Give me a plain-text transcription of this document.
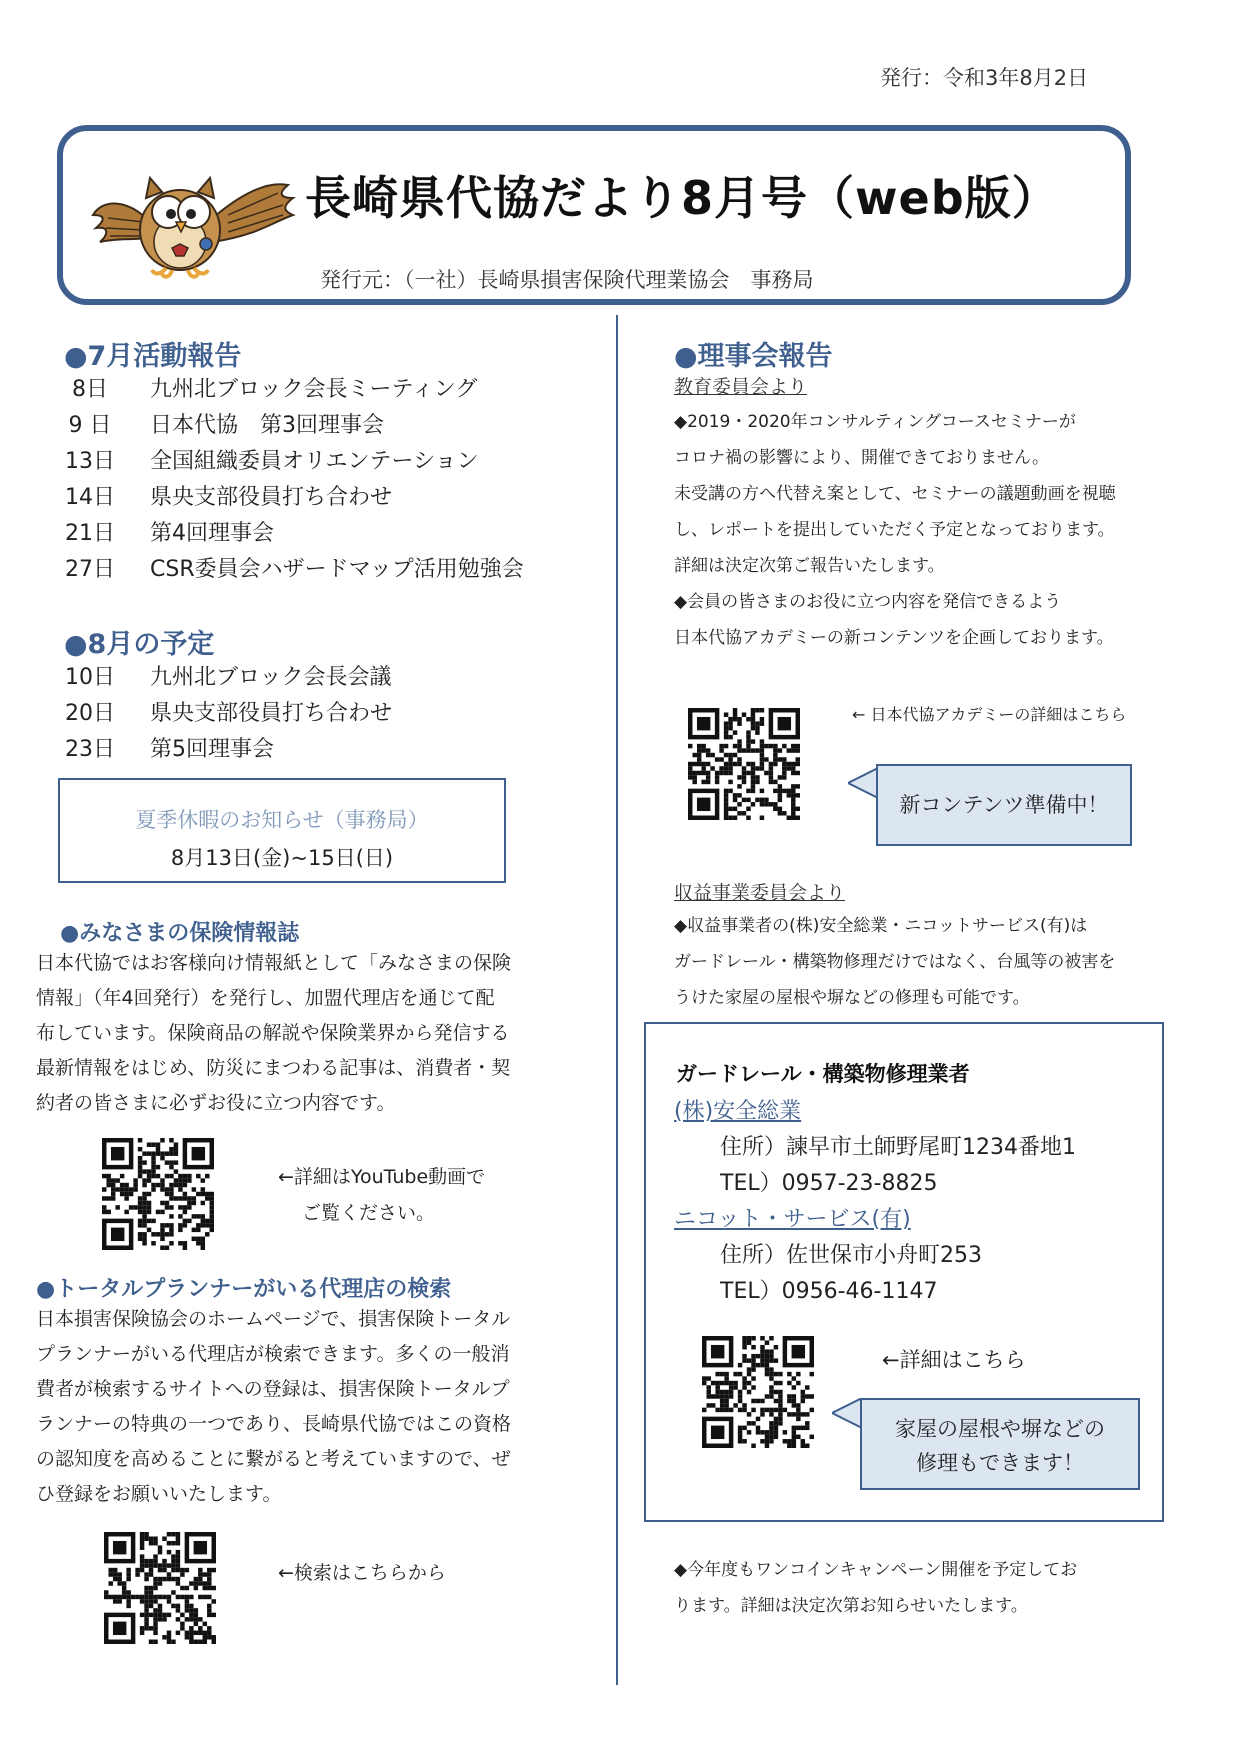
発行：令和3年8月2日
長崎県代協だより8月号（web版）
発行元：（一社）長崎県損害保険代理業協会　事務局
●7月活動報告
8日	九州北ブロック会長ミーティング
9 日	日本代協　第3回理事会
13日 全国組織委員オリエンテーション
14日 県央支部役員打ち合わせ
21日 第4回理事会
27日 CSR委員会ハザードマップ活用勉強会
●8月の予定
10日 九州北ブロック会長会議
20日 県央支部役員打ち合わせ
23日 第5回理事会
夏季休暇のお知らせ（事務局）
8月13日(金)~15日(日)
●みなさまの保険情報誌
日本代協ではお客様向け情報紙として「みなさまの保険
情報」（年4回発行）を発行し、加盟代理店を通じて配
布しています。保険商品の解説や保険業界から発信する
最新情報をはじめ、防災にまつわる記事は、消費者・契
約者の皆さまに必ずお役に立つ内容です。
←詳細はYouTube動画で
ご覧ください。
●トータルプランナーがいる代理店の検索
日本損害保険協会のホームページで、損害保険トータル
プランナーがいる代理店が検索できます。多くの一般消
費者が検索するサイトへの登録は、損害保険トータルプ
ランナーの特典の一つであり、長崎県代協ではこの資格
の認知度を高めることに繋がると考えていますので、ぜ
ひ登録をお願いいたします。
←検索はこちらから
●理事会報告
教育委員会より
◆2019・2020年コンサルティングコースセミナーが
コロナ禍の影響により、開催できておりません。
未受講の方へ代替え案として、セミナーの議題動画を視聴
し、レポートを提出していただく予定となっております。
詳細は決定次第ご報告いたします。
◆会員の皆さまのお役に立つ内容を発信できるよう
日本代協アカデミーの新コンテンツを企画しております。
← 日本代協アカデミーの詳細はこちら
新コンテンツ準備中！
収益事業委員会より
◆収益事業者の(株)安全総業・ニコットサービス(有)は
ガードレール・構築物修理だけではなく、台風等の被害を
うけた家屋の屋根や塀などの修理も可能です。
ガードレール・構築物修理業者
(株)安全総業
住所）諫早市土師野尾町1234番地1
TEL）0957-23-8825
ニコット・サービス(有)
住所）佐世保市小舟町253
TEL）0956-46-1147
←詳細はこちら
家屋の屋根や塀などの
修理もできます！
◆今年度もワンコインキャンペーン開催を予定してお
ります。詳細は決定次第お知らせいたします。
